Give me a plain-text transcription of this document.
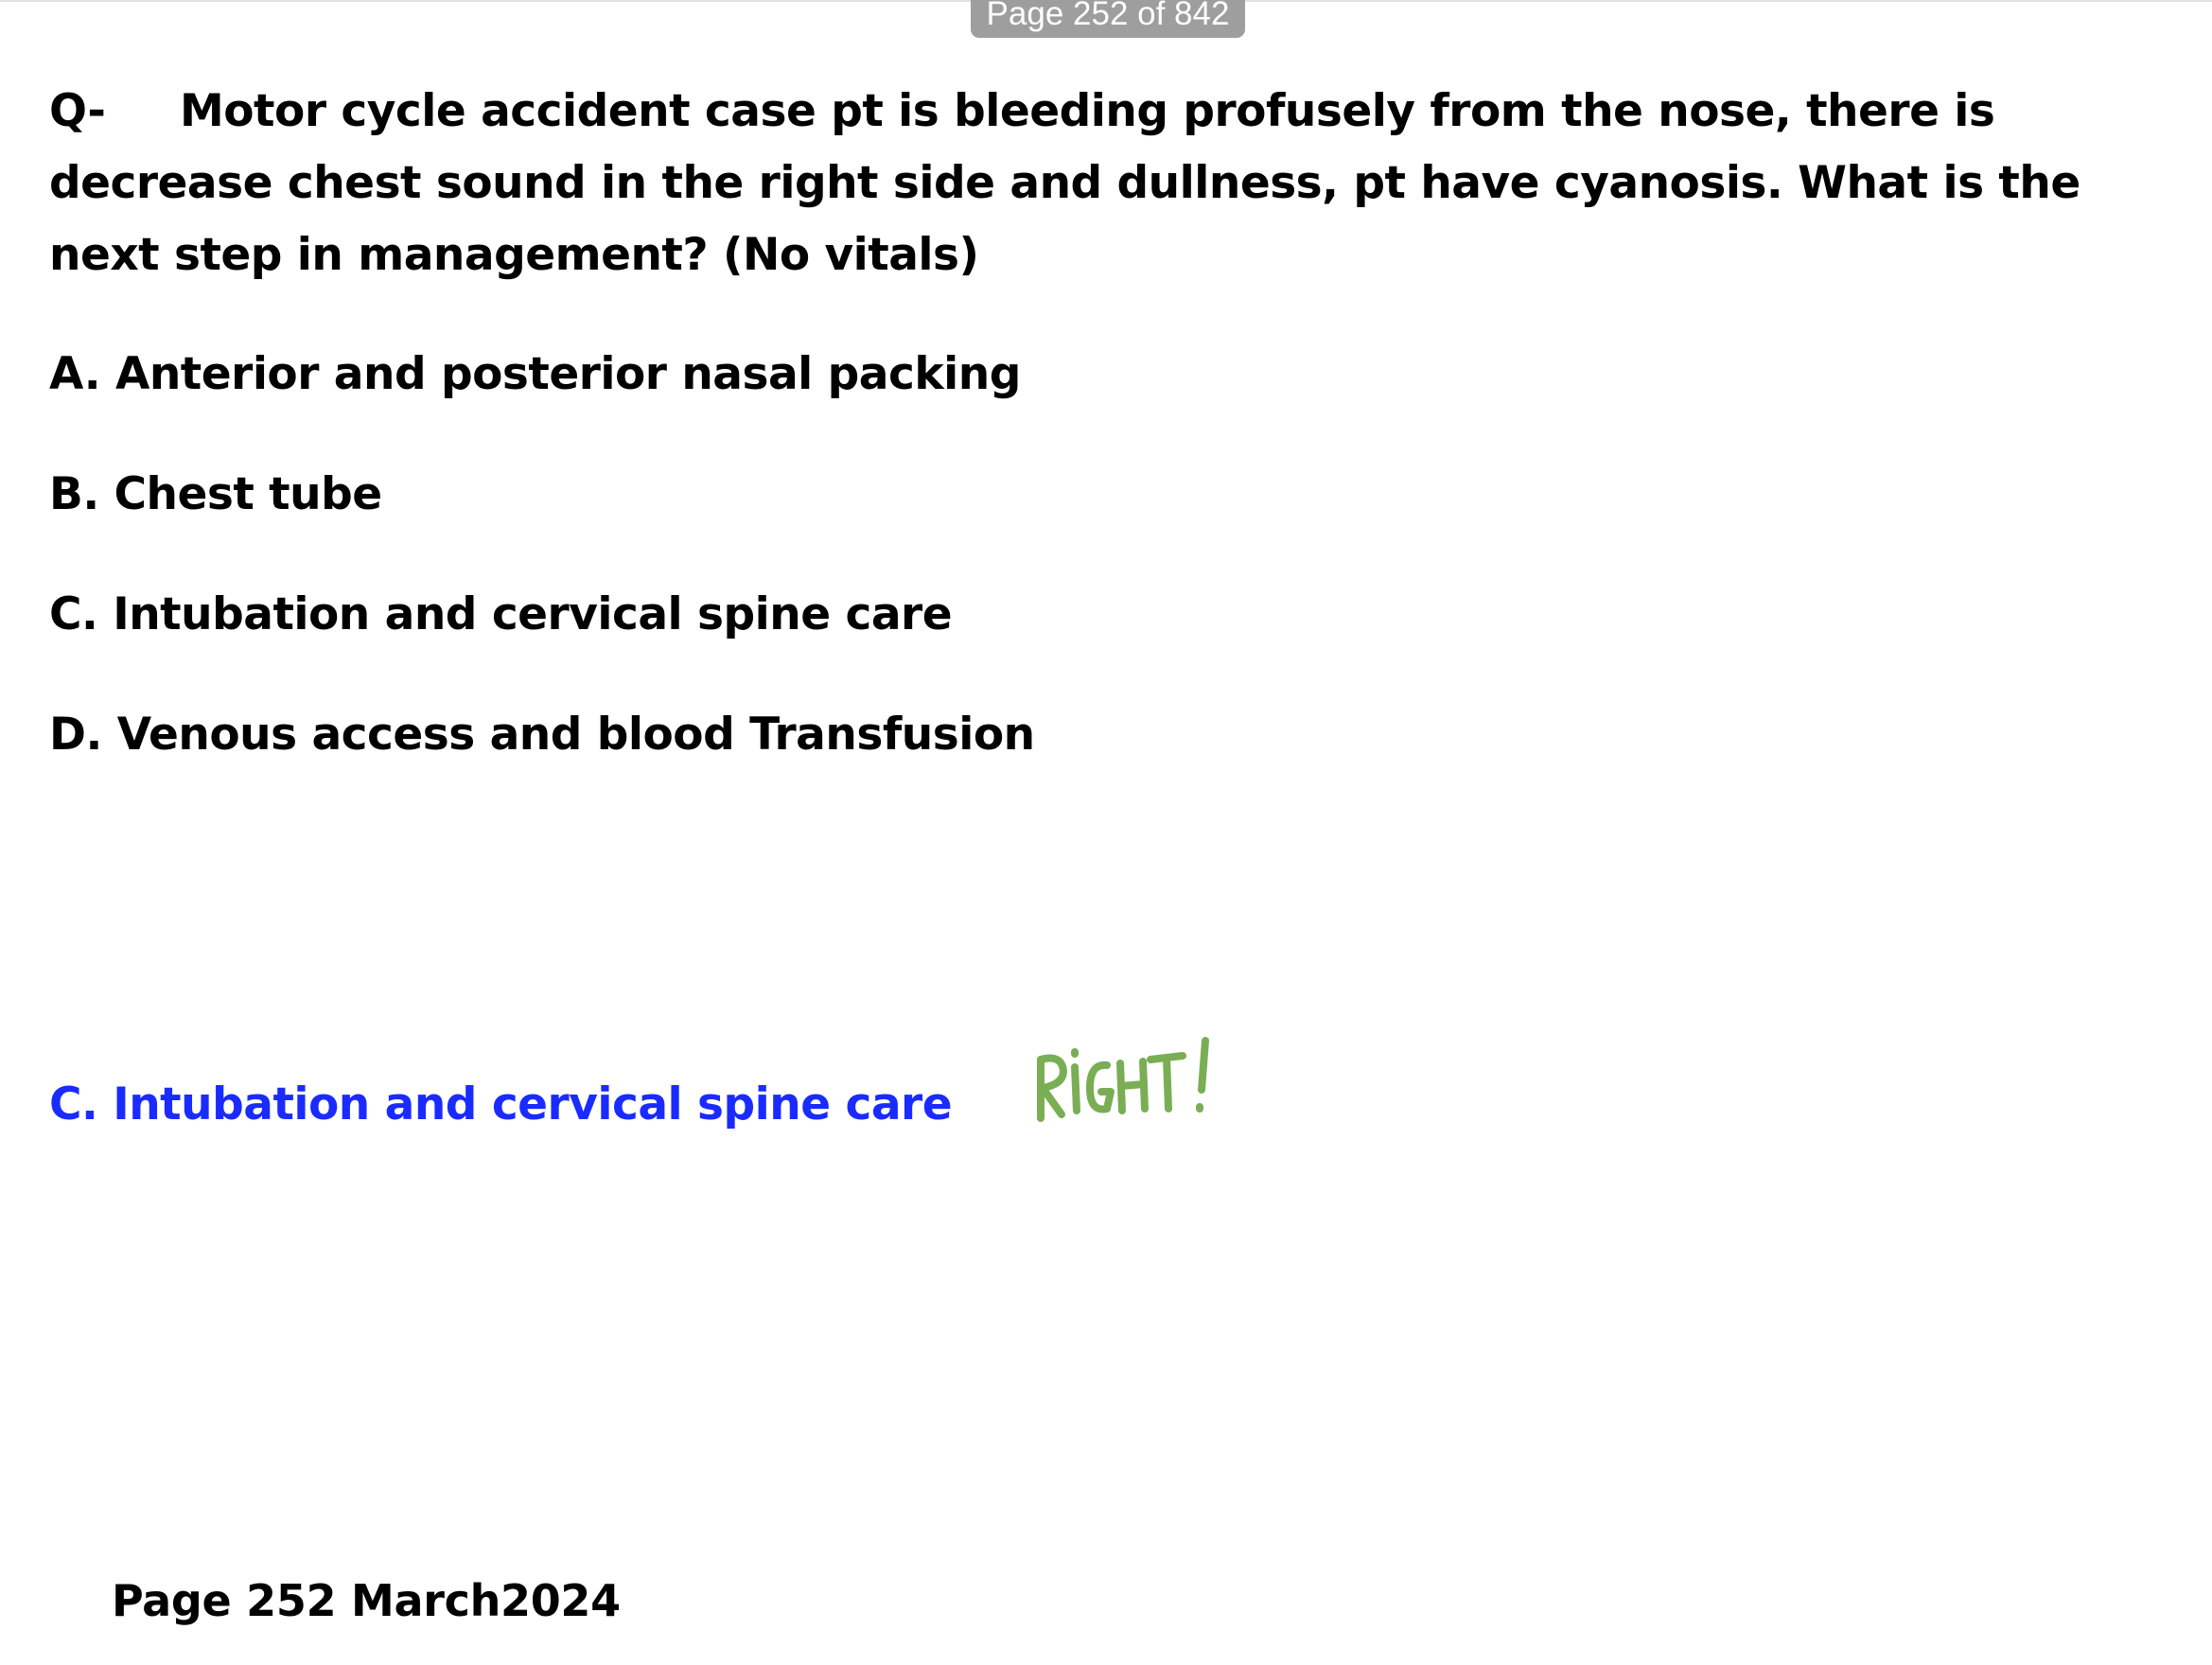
Page 252 of 842
Q- Motor cycle accident case pt is bleeding profusely from the nose, there is decrease chest sound in the right side and dullness, pt have cyanosis. What is the next step in management? (No vitals)
A. Anterior and posterior nasal packing
B. Chest tube
C. Intubation and cervical spine care
D. Venous access and blood Transfusion
C. Intubation and cervical spine care
Page 252 March2024
